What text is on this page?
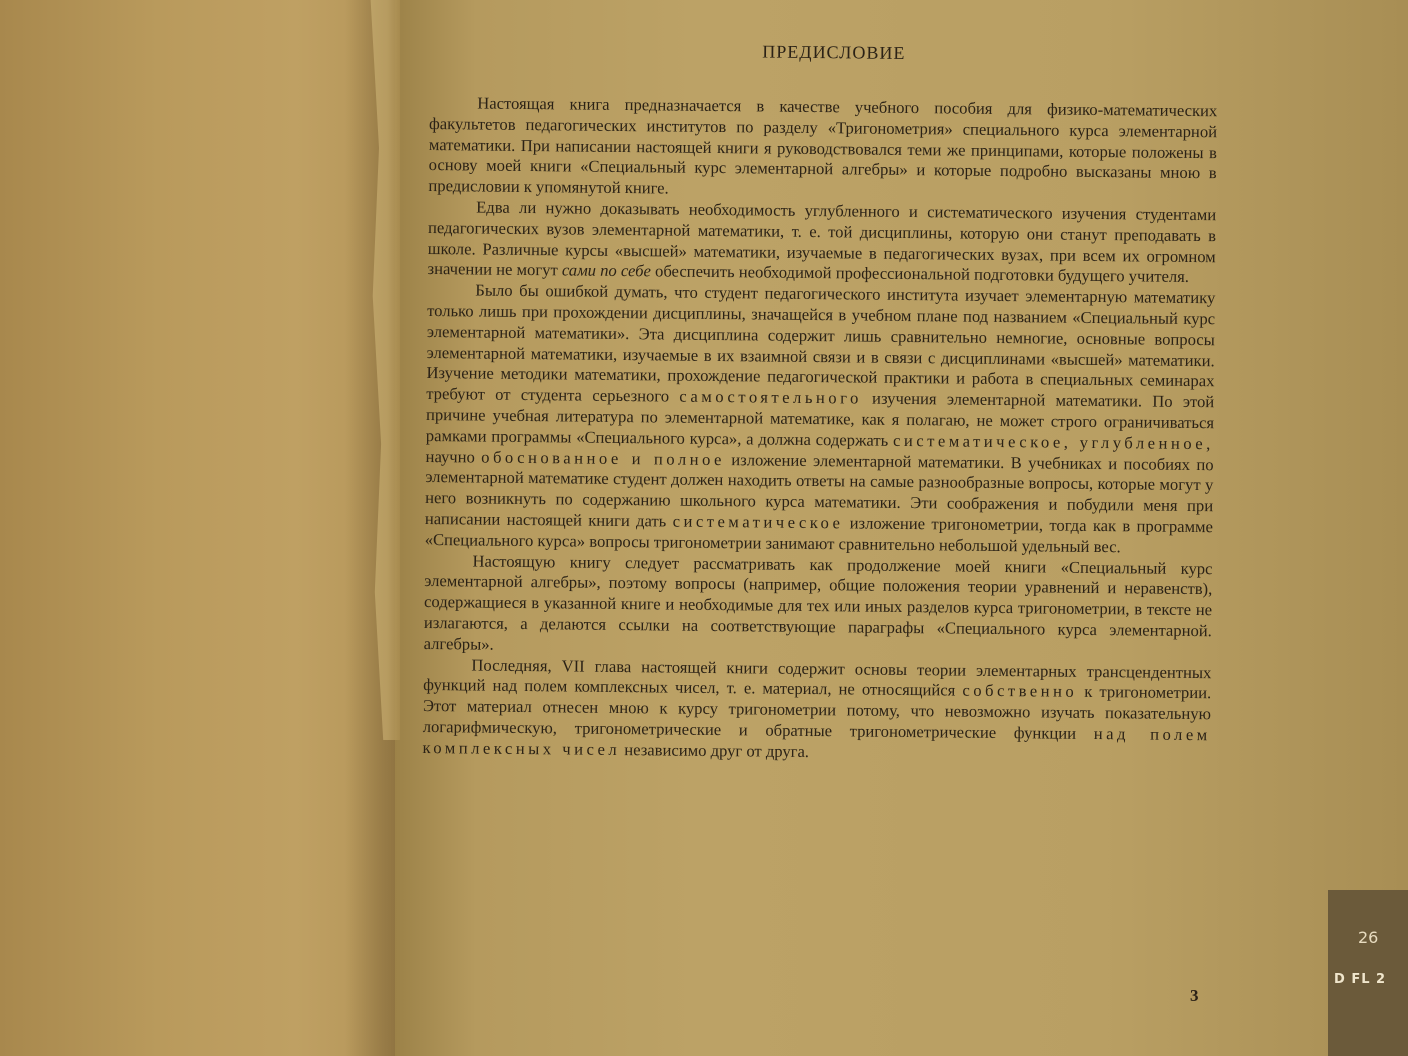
ПРЕДИСЛОВИЕ

Настоящая книга предназначается в качестве учебного пособия для физико-математических факультетов педагогических институтов по разделу «Тригонометрия» специального курса элементарной математики. При написании настоящей книги я руководствовался теми же принципами, которые положены в основу моей книги «Специальный курс элементарной алгебры» и которые подробно высказаны мною в предисловии к упомянутой книге.

Едва ли нужно доказывать необходимость углубленного и систематического изучения студентами педагогических вузов элементарной математики, т. е. той дисциплины, которую они станут преподавать в школе. Различные курсы «высшей» математики, изучаемые в педагогических вузах, при всем их огромном значении не могут сами по себе обеспечить необходимой профессиональной подготовки будущего учителя.

Было бы ошибкой думать, что студент педагогического института изучает элементарную математику только лишь при прохождении дисциплины, значащейся в учебном плане под названием «Специальный курс элементарной математики». Эта дисциплина содержит лишь сравнительно немногие, основные вопросы элементарной математики, изучаемые в их взаимной связи и в связи с дисциплинами «высшей» математики. Изучение методики математики, прохождение педагогической практики и работа в специальных семинарах требуют от студента серьезного самостоятельного изучения элементарной математики. По этой причине учебная литература по элементарной математике, как я полагаю, не может строго ограничиваться рамками программы «Специального курса», а должна содержать систематическое, углубленное, научно обоснованное и полное изложение элементарной математики. В учебниках и пособиях по элементарной математике студент должен находить ответы на самые разнообразные вопросы, которые могут у него возникнуть по содержанию школьного курса математики. Эти соображения и побудили меня при написании настоящей книги дать систематическое изложение тригонометрии, тогда как в программе «Специального курса» вопросы тригонометрии занимают сравнительно небольшой удельный вес.

Настоящую книгу следует рассматривать как продолжение моей книги «Специальный курс элементарной алгебры», поэтому вопросы (например, общие положения теории уравнений и неравенств), содержащиеся в указанной книге и необходимые для тех или иных разделов курса тригонометрии, в тексте не излагаются, а делаются ссылки на соответствующие параграфы «Специального курса элементарной. алгебры».

Последняя, VII глава настоящей книги содержит основы теории элементарных трансцендентных функций над полем комплексных чисел, т. е. материал, не относящийся собственно к тригонометрии. Этот материал отнесен мною к курсу тригонометрии потому, что невозможно изучать показательную логарифмическую, тригонометрические и обратные тригонометрические функции над полем комплексных чисел независимо друг от друга.

3
26
D FL 2
